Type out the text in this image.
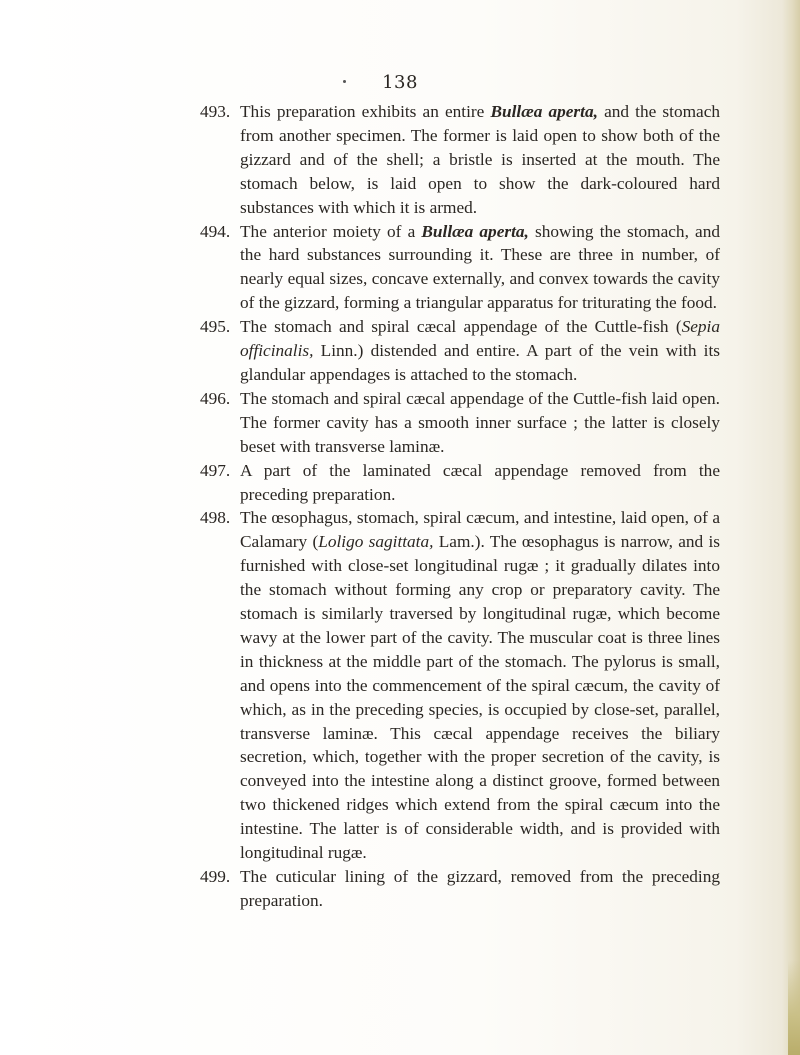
138

493. This preparation exhibits an entire Bullæa aperta, and the stomach from another specimen. The former is laid open to show both of the gizzard and of the shell; a bristle is inserted at the mouth. The stomach below, is laid open to show the dark-coloured hard substances with which it is armed.

494. The anterior moiety of a Bullæa aperta, showing the stomach, and the hard substances surrounding it. These are three in number, of nearly equal sizes, concave externally, and convex towards the cavity of the gizzard, forming a triangular apparatus for triturating the food.

495. The stomach and spiral cæcal appendage of the Cuttle-fish (Sepia officinalis, Linn.) distended and entire. A part of the vein with its glandular appendages is attached to the stomach.

496. The stomach and spiral cæcal appendage of the Cuttle-fish laid open. The former cavity has a smooth inner surface ; the latter is closely beset with transverse laminæ.

497. A part of the laminated cæcal appendage removed from the preceding preparation.

498. The œsophagus, stomach, spiral cæcum, and intestine, laid open, of a Calamary (Loligo sagittata, Lam.). The œsophagus is narrow, and is furnished with close-set longitudinal rugæ ; it gradually dilates into the stomach without forming any crop or preparatory cavity. The stomach is similarly traversed by longitudinal rugæ, which become wavy at the lower part of the cavity. The muscular coat is three lines in thickness at the middle part of the stomach. The pylorus is small, and opens into the commencement of the spiral cæcum, the cavity of which, as in the preceding species, is occupied by close-set, parallel, transverse laminæ. This cæcal appendage receives the biliary secretion, which, together with the proper secretion of the cavity, is conveyed into the intestine along a distinct groove, formed between two thickened ridges which extend from the spiral cæcum into the intestine. The latter is of considerable width, and is provided with longitudinal rugæ.

499. The cuticular lining of the gizzard, removed from the preceding preparation.
